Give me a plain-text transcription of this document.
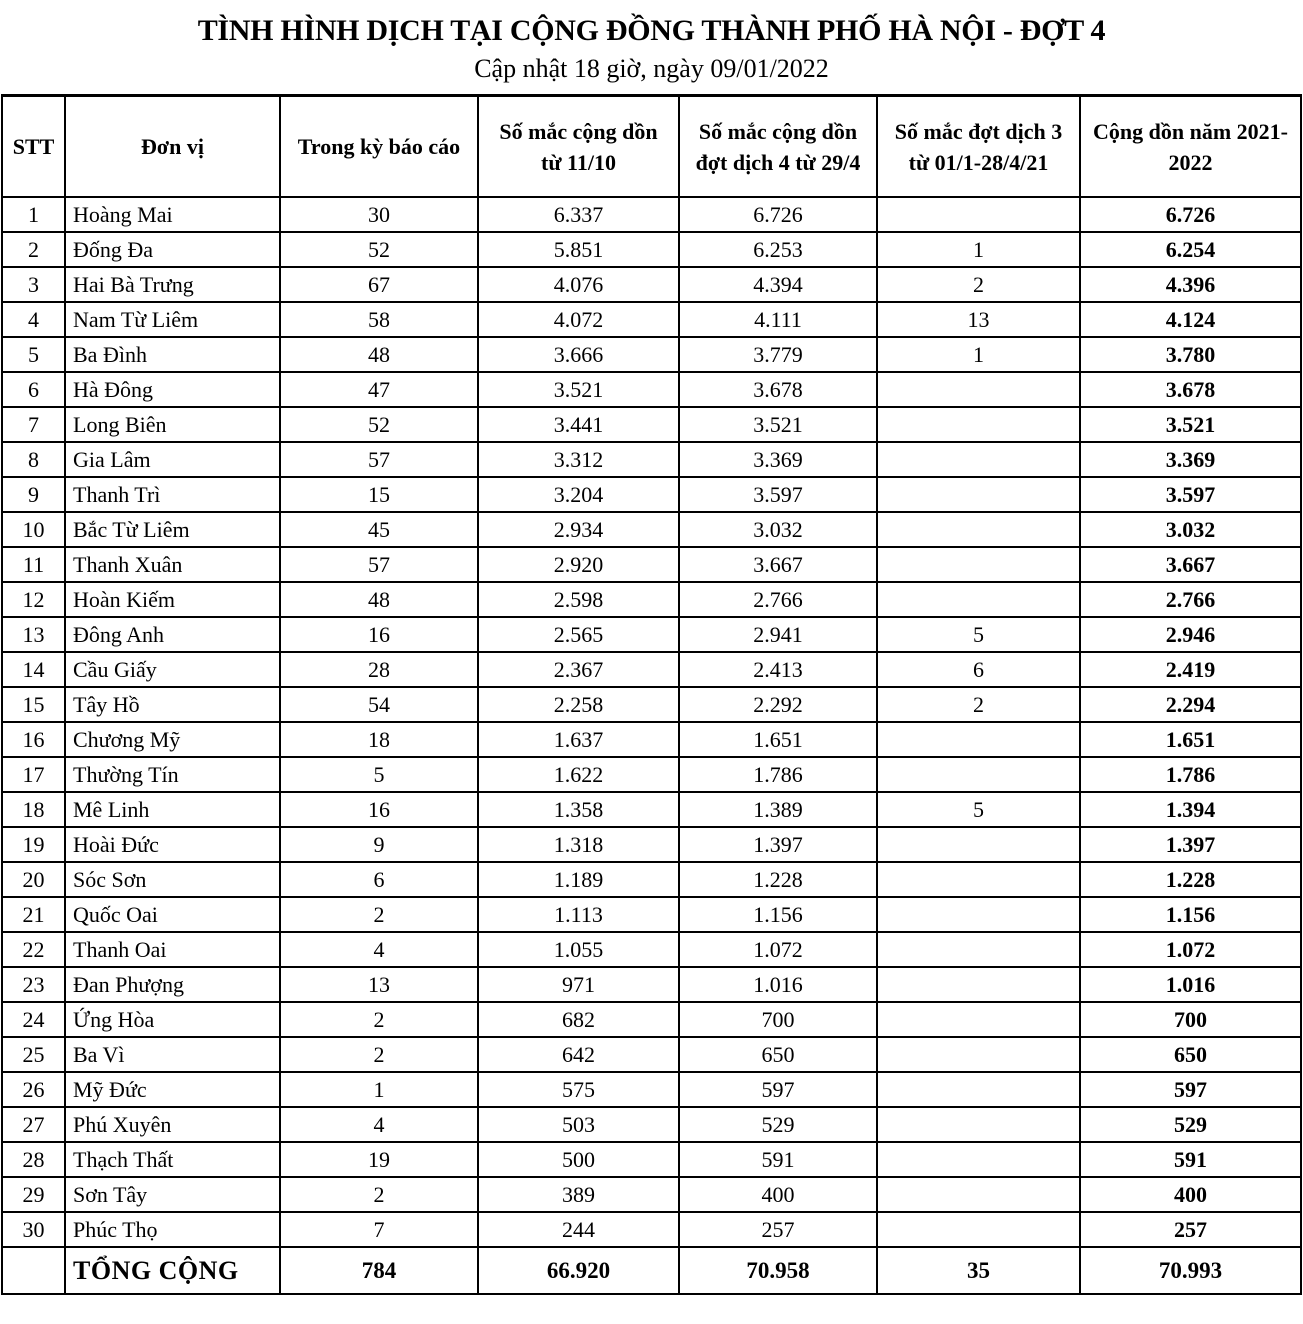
TÌNH HÌNH DỊCH TẠI CỘNG ĐỒNG THÀNH PHỐ HÀ NỘI - ĐỢT 4
Cập nhật 18 giờ, ngày 09/01/2022
STT	Đơn vị	Trong kỳ báo cáo	Số mắc cộng dồn từ 11/10	Số mắc cộng dồn đợt dịch 4 từ 29/4	Số mắc đợt dịch 3 từ 01/1-28/4/21	Cộng dồn năm 2021-2022
1	Hoàng Mai	30	6.337	6.726		6.726
2	Đống Đa	52	5.851	6.253	1	6.254
3	Hai Bà Trưng	67	4.076	4.394	2	4.396
4	Nam Từ Liêm	58	4.072	4.111	13	4.124
5	Ba Đình	48	3.666	3.779	1	3.780
6	Hà Đông	47	3.521	3.678		3.678
7	Long Biên	52	3.441	3.521		3.521
8	Gia Lâm	57	3.312	3.369		3.369
9	Thanh Trì	15	3.204	3.597		3.597
10	Bắc Từ Liêm	45	2.934	3.032		3.032
11	Thanh Xuân	57	2.920	3.667		3.667
12	Hoàn Kiếm	48	2.598	2.766		2.766
13	Đông Anh	16	2.565	2.941	5	2.946
14	Cầu Giấy	28	2.367	2.413	6	2.419
15	Tây Hồ	54	2.258	2.292	2	2.294
16	Chương Mỹ	18	1.637	1.651		1.651
17	Thường Tín	5	1.622	1.786		1.786
18	Mê Linh	16	1.358	1.389	5	1.394
19	Hoài Đức	9	1.318	1.397		1.397
20	Sóc Sơn	6	1.189	1.228		1.228
21	Quốc Oai	2	1.113	1.156		1.156
22	Thanh Oai	4	1.055	1.072		1.072
23	Đan Phượng	13	971	1.016		1.016
24	Ứng Hòa	2	682	700		700
25	Ba Vì	2	642	650		650
26	Mỹ Đức	1	575	597		597
27	Phú Xuyên	4	503	529		529
28	Thạch Thất	19	500	591		591
29	Sơn Tây	2	389	400		400
30	Phúc Thọ	7	244	257		257
	TỔNG CỘNG	784	66.920	70.958	35	70.993
